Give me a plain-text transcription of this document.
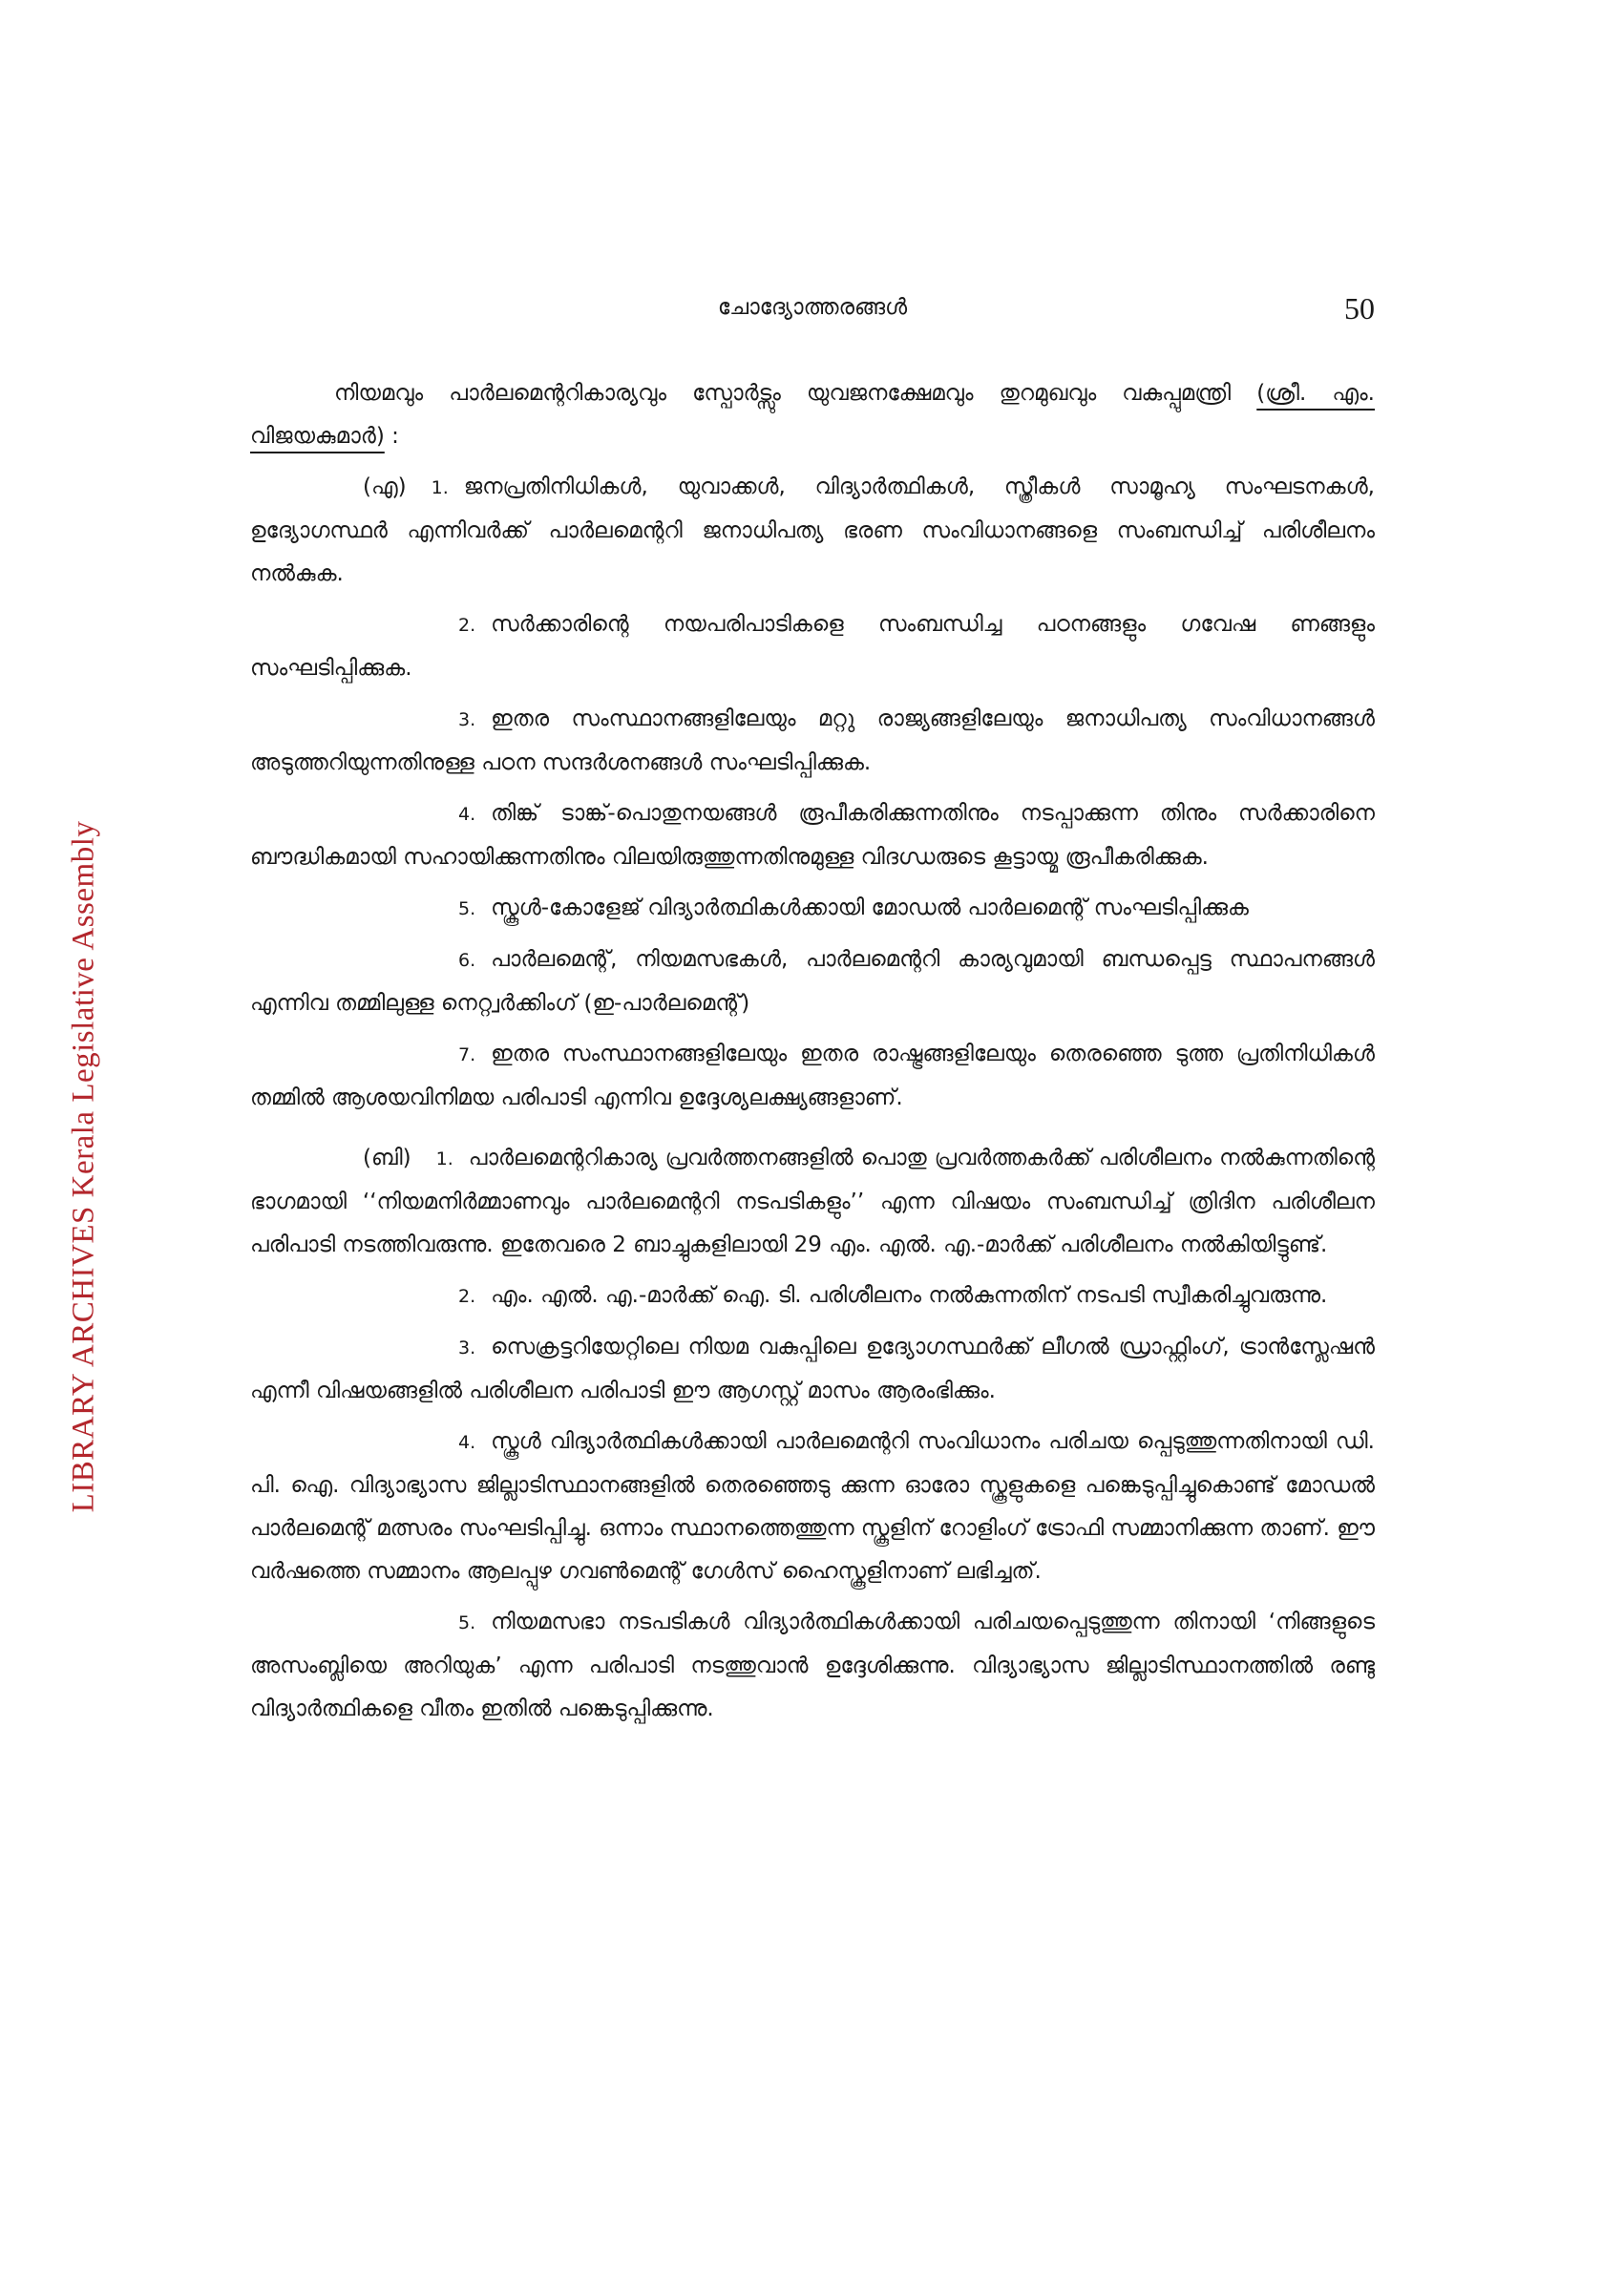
LIBRARY ARCHIVES Kerala Legislative Assembly
ചോദ്യോത്തരങ്ങൾ	50

നിയമവും പാർലമെന്ററികാര്യവും സ്പോർട്സും യുവജനക്ഷേമവും തുറമുഖവും വകുപ്പുമന്ത്രി (ശ്രീ. എം. വിജയകുമാർ) :

(എ) 1. ജനപ്രതിനിധികൾ, യുവാക്കൾ, വിദ്യാർത്ഥികൾ, സ്ത്രീകൾ സാമൂഹ്യ സംഘടനകൾ, ഉദ്യോഗസ്ഥർ എന്നിവർക്ക് പാർലമെന്ററി ജനാധിപത്യ ഭരണ സംവിധാനങ്ങളെ സംബന്ധിച്ച് പരിശീലനം നൽകുക.

2. സർക്കാരിന്റെ നയപരിപാടികളെ സംബന്ധിച്ച പഠനങ്ങളും ഗവേഷ ണങ്ങളും സംഘടിപ്പിക്കുക.

3. ഇതര സംസ്ഥാനങ്ങളിലേയും മറ്റു രാജ്യങ്ങളിലേയും ജനാധിപത്യ സംവിധാനങ്ങൾ അടുത്തറിയുന്നതിനുള്ള പഠന സന്ദർശനങ്ങൾ സംഘടിപ്പിക്കുക.

4. തിങ്ക് ടാങ്ക്-പൊതുനയങ്ങൾ രൂപീകരിക്കുന്നതിനും നടപ്പാക്കുന്ന തിനും സർക്കാരിനെ ബൗദ്ധികമായി സഹായിക്കുന്നതിനും വിലയിരുത്തുന്നതിനുമുള്ള വിദഗ്ധരുടെ കൂട്ടായ്മ രൂപീകരിക്കുക.

5. സ്കൂൾ-കോളേജ് വിദ്യാർത്ഥികൾക്കായി മോഡൽ പാർലമെന്റ് സംഘടിപ്പിക്കുക

6. പാർലമെന്റ്, നിയമസഭകൾ, പാർലമെന്ററി കാര്യവുമായി ബന്ധപ്പെട്ട സ്ഥാപനങ്ങൾ എന്നിവ തമ്മിലുള്ള നെറ്റ്വർക്കിംഗ് (ഇ-പാർലമെന്റ്)

7. ഇതര സംസ്ഥാനങ്ങളിലേയും ഇതര രാഷ്ട്രങ്ങളിലേയും തെരഞ്ഞെ ടുത്ത പ്രതിനിധികൾ തമ്മിൽ ആശയവിനിമയ പരിപാടി എന്നിവ ഉദ്ദേശ്യലക്ഷ്യങ്ങളാണ്.

(ബി) 1. പാർലമെന്ററികാര്യ പ്രവർത്തനങ്ങളിൽ പൊതു പ്രവർത്തകർക്ക് പരിശീലനം നൽകുന്നതിന്റെ ഭാഗമായി ‘‘നിയമനിർമ്മാണവും പാർലമെന്ററി നടപടികളും’’ എന്ന വിഷയം സംബന്ധിച്ച് ത്രിദിന പരിശീലന പരിപാടി നടത്തിവരുന്നു. ഇതേവരെ 2 ബാച്ചുകളിലായി 29 എം. എൽ. എ.-മാർക്ക് പരിശീലനം നൽകിയിട്ടുണ്ട്.

2. എം. എൽ. എ.-മാർക്ക് ഐ. ടി. പരിശീലനം നൽകുന്നതിന് നടപടി സ്വീകരിച്ചുവരുന്നു.

3. സെക്രട്ടറിയേറ്റിലെ നിയമ വകുപ്പിലെ ഉദ്യോഗസ്ഥർക്ക് ലീഗൽ ഡ്രാഫ്റ്റിംഗ്, ട്രാൻസ്ലേഷൻ എന്നീ വിഷയങ്ങളിൽ പരിശീലന പരിപാടി ഈ ആഗസ്റ്റ് മാസം ആരംഭിക്കും.

4. സ്കൂൾ വിദ്യാർത്ഥികൾക്കായി പാർലമെന്ററി സംവിധാനം പരിചയ പ്പെടുത്തുന്നതിനായി ഡി. പി. ഐ. വിദ്യാഭ്യാസ ജില്ലാടിസ്ഥാനങ്ങളിൽ തെരഞ്ഞെടു ക്കുന്ന ഓരോ സ്കൂളുകളെ പങ്കെടുപ്പിച്ചുകൊണ്ട് മോഡൽ പാർലമെന്റ് മത്സരം സംഘടിപ്പിച്ചു. ഒന്നാം സ്ഥാനത്തെത്തുന്ന സ്കൂളിന് റോളിംഗ് ട്രോഫി സമ്മാനിക്കുന്ന താണ്. ഈ വർഷത്തെ സമ്മാനം ആലപ്പുഴ ഗവൺമെന്റ് ഗേൾസ് ഹൈസ്കൂളിനാണ് ലഭിച്ചത്.

5. നിയമസഭാ നടപടികൾ വിദ്യാർത്ഥികൾക്കായി പരിചയപ്പെടുത്തുന്ന തിനായി ‘നിങ്ങളുടെ അസംബ്ലിയെ അറിയുക’ എന്ന പരിപാടി നടത്തുവാൻ ഉദ്ദേശിക്കുന്നു. വിദ്യാഭ്യാസ ജില്ലാടിസ്ഥാനത്തിൽ രണ്ടു വിദ്യാർത്ഥികളെ വീതം ഇതിൽ പങ്കെടുപ്പിക്കുന്നു.
